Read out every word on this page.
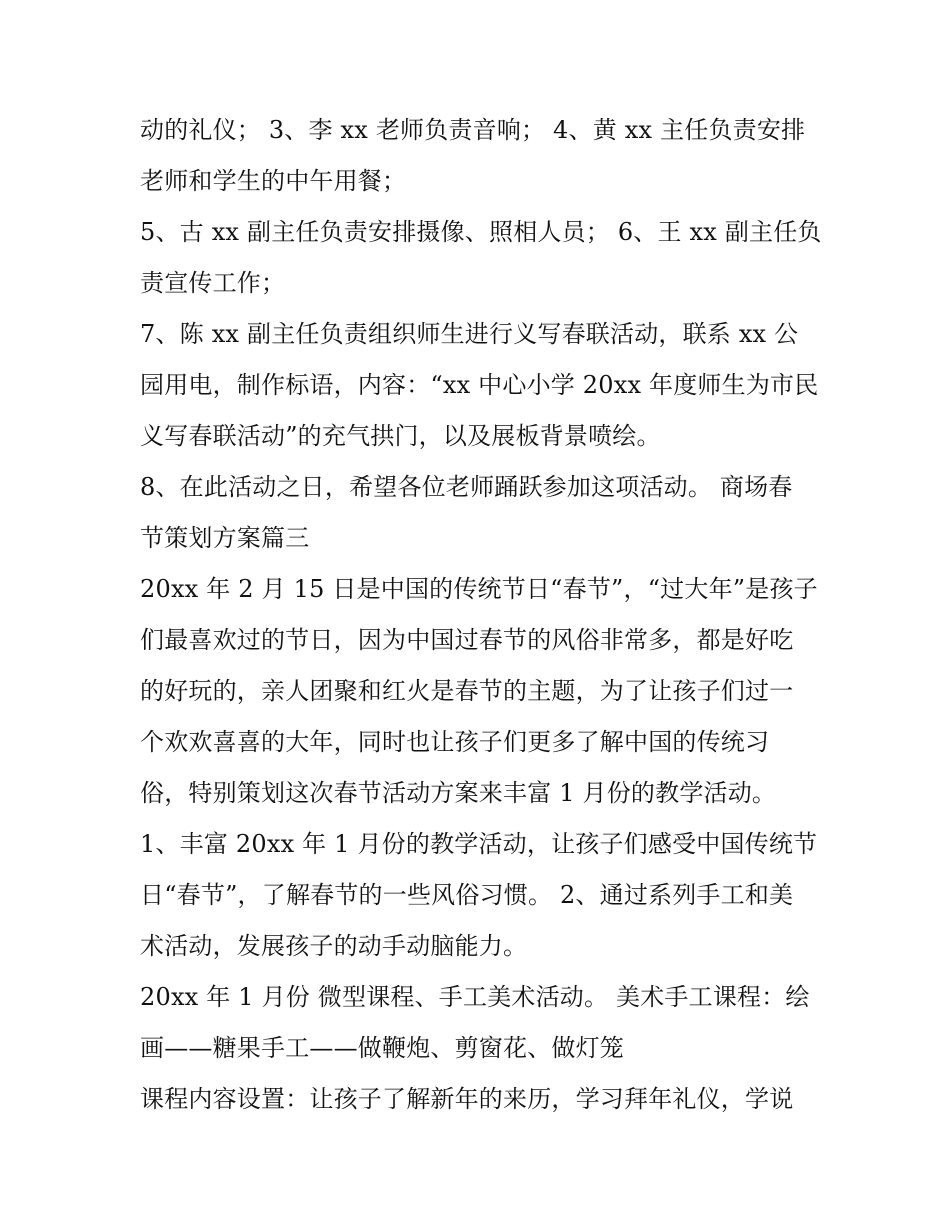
动的礼仪； 3、李 xx 老师负责音响； 4、黄 xx 主任负责安排
老师和学生的中午用餐；
5、古 xx 副主任负责安排摄像、照相人员； 6、王 xx 副主任负
责宣传工作；
7、陈 xx 副主任负责组织师生进行义写春联活动，联系 xx 公
园用电，制作标语，内容：“xx 中心小学 20xx 年度师生为市民
义写春联活动”的充气拱门，以及展板背景喷绘。
8、在此活动之日，希望各位老师踊跃参加这项活动。 商场春
节策划方案篇三
20xx 年 2 月 15 日是中国的传统节日“春节”，“过大年”是孩子
们最喜欢过的节日，因为中国过春节的风俗非常多，都是好吃
的好玩的，亲人团聚和红火是春节的主题，为了让孩子们过一
个欢欢喜喜的大年，同时也让孩子们更多了解中国的传统习
俗，特别策划这次春节活动方案来丰富 1 月份的教学活动。
1、丰富 20xx 年 1 月份的教学活动，让孩子们感受中国传统节
日“春节”，了解春节的一些风俗习惯。 2、通过系列手工和美
术活动，发展孩子的动手动脑能力。
20xx 年 1 月份 微型课程、手工美术活动。 美术手工课程：绘
画——糖果手工——做鞭炮、剪窗花、做灯笼
课程内容设置：让孩子了解新年的来历，学习拜年礼仪，学说
